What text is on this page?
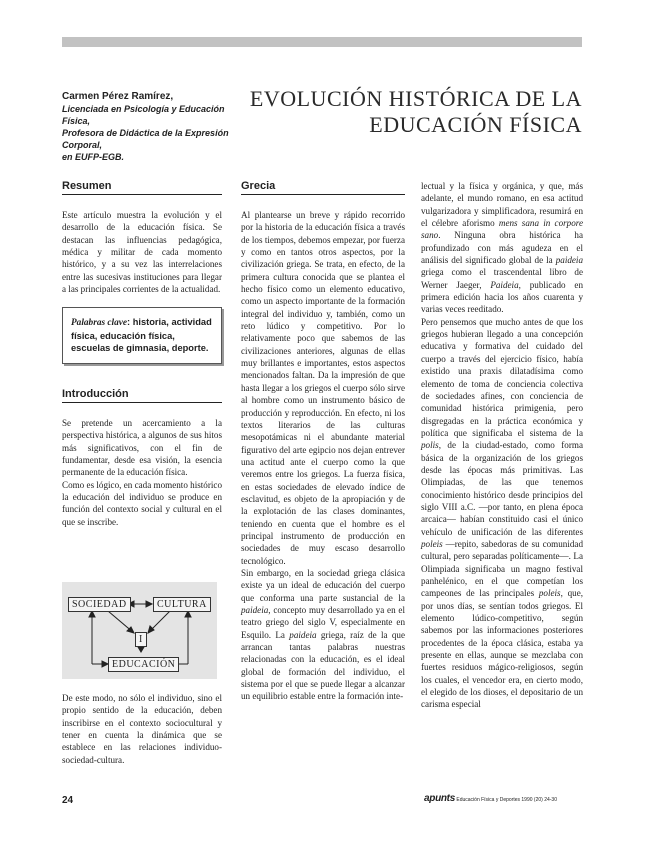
Carmen Pérez Ramírez,
Licenciada en Psicología y Educación Física,
Profesora de Didáctica de la Expresión Corporal,
en EUFP-EGB.
EVOLUCIÓN HISTÓRICA DE LA
EDUCACIÓN FÍSICA
Resumen

Este artículo muestra la evolución y el desarrollo de la educación física. Se destacan las influencias pedagógica, médica y militar de cada momento histórico, y a su vez las interrelaciones entre las sucesivas instituciones para llegar a las principales corrientes de la actualidad.

Palabras clave: historia, actividad física, educación física, escuelas de gimnasia, deporte.
Introducción

Se pretende un acercamiento a la perspectiva histórica, a algunos de sus hitos más significativos, con el fin de fundamentar, desde esa visión, la esencia permanente de la educación física.

Como es lógico, en cada momento histórico la educación del individuo se produce en función del contexto social y cultural en el que se inscribe.

SOCIEDAD	CULTURA
I
EDUCACIÓN

De este modo, no sólo el individuo, sino el propio sentido de la educación, deben inscribirse en el contexto sociocultural y tener en cuenta la dinámica que se establece en las relaciones individuo-sociedad-cultura.

Grecia

Al plantearse un breve y rápido recorrido por la historia de la educación física a través de los tiempos, debemos empezar, por fuerza y como en tantos otros aspectos, por la civilización griega. Se trata, en efecto, de la primera cultura conocida que se plantea el hecho físico como un elemento educativo, como un aspecto importante de la formación integral del individuo y, también, como un reto lúdico y competitivo. Por lo relativamente poco que sabemos de las civilizaciones anteriores, algunas de ellas muy brillantes e importantes, estos aspectos mencionados faltan. Da la impresión de que hasta llegar a los griegos el cuerpo sólo sirve al hombre como un instrumento básico de producción y reproducción. En efecto, ni los textos literarios de las culturas mesopotámicas ni el abundante material figurativo del arte egipcio nos dejan entrever una actitud ante el cuerpo como la que veremos entre los griegos. La fuerza física, en estas sociedades de elevado índice de esclavitud, es objeto de la apropiación y de la explotación de las clases dominantes, teniendo en cuenta que el hombre es el principal instrumento de producción en sociedades de muy escaso desarrollo tecnológico.

Sin embargo, en la sociedad griega clásica existe ya un ideal de educación del cuerpo que conforma una parte sustancial de la paideia, concepto muy desarrollado ya en el teatro griego del siglo V, especialmente en Esquilo. La paideia griega, raíz de la que arrancan tantas palabras nuestras relacionadas con la educación, es el ideal global de formación del individuo, el sistema por el que se puede llegar a alcanzar un equilibrio estable entre la formación inte-

lectual y la física y orgánica, y que, más adelante, el mundo romano, en esa actitud vulgarizadora y simplificadora, resumirá en el célebre aforismo mens sana in corpore sano. Ninguna obra histórica ha profundizado con más agudeza en el análisis del significado global de la paideia griega como el trascendental libro de Werner Jaeger, Paideia, publicado en primera edición hacia los años cuarenta y varias veces reeditado.

Pero pensemos que mucho antes de que los griegos hubieran llegado a una concepción educativa y formativa del cuidado del cuerpo a través del ejercicio físico, había existido una praxis dilatadísima como elemento de toma de conciencia colectiva de sociedades afines, con conciencia de comunidad histórica primigenia, pero disgregadas en la práctica económica y política que significaba el sistema de la polis, de la ciudad-estado, como forma básica de la organización de los griegos desde las épocas más primitivas. Las Olimpiadas, de las que tenemos conocimiento histórico desde principios del siglo VIII a.C. —por tanto, en plena época arcaica— habían constituido casi el único vehículo de unificación de las diferentes poleis —repito, sabedoras de su comunidad cultural, pero separadas políticamente—. La Olimpiada significaba un magno festival panhelénico, en el que competían los campeones de las principales poleis, que, por unos días, se sentían todos griegos. El elemento lúdico-competitivo, según sabemos por las informaciones posteriores procedentes de la época clásica, estaba ya presente en ellas, aunque se mezclaba con fuertes residuos mágico-religiosos, según los cuales, el vencedor era, en cierto modo, el elegido de los dioses, el depositario de un carisma especial

24	apunts Educación Física y Deportes 1990 (20) 24-30
